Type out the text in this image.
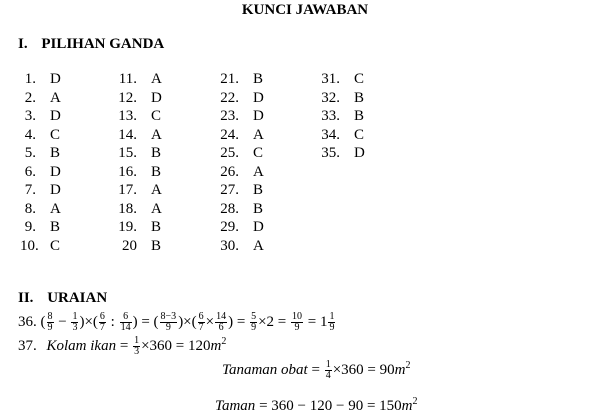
KUNCI JAWABAN
I. PILIHAN GANDA
1. D
2. A
3. D
4. C
5. B
6. D
7. D
8. A
9. B
10. C
11. A
12. D
13. C
14. A
15. B
16. B
17. A
18. A
19. B
20 B
21. B
22. D
23. D
24. A
25. C
26. A
27. B
28. B
29. D
30. A
31. C
32. B
33. B
34. C
35. D
II. URAIAN
36. ( $\frac{8}{9} - \frac{1}{3}$ )×( $\frac{6}{7}$ : $\frac{6}{14}$ ) = ( $\frac{8-3}{9}$ )×( $\frac{6}{7} \times \frac{14}{6}$ ) = $\frac{5}{9} \times 2 = \frac{10}{9} = 1 \frac{1}{9}$
37. Kolam ikan = $\frac{1}{3} \times 360 = 120m^2$
Tanaman obat = $\frac{1}{4} \times 360 = 90m^2$
Taman = $360 - 120 - 90 = 150m^2$
